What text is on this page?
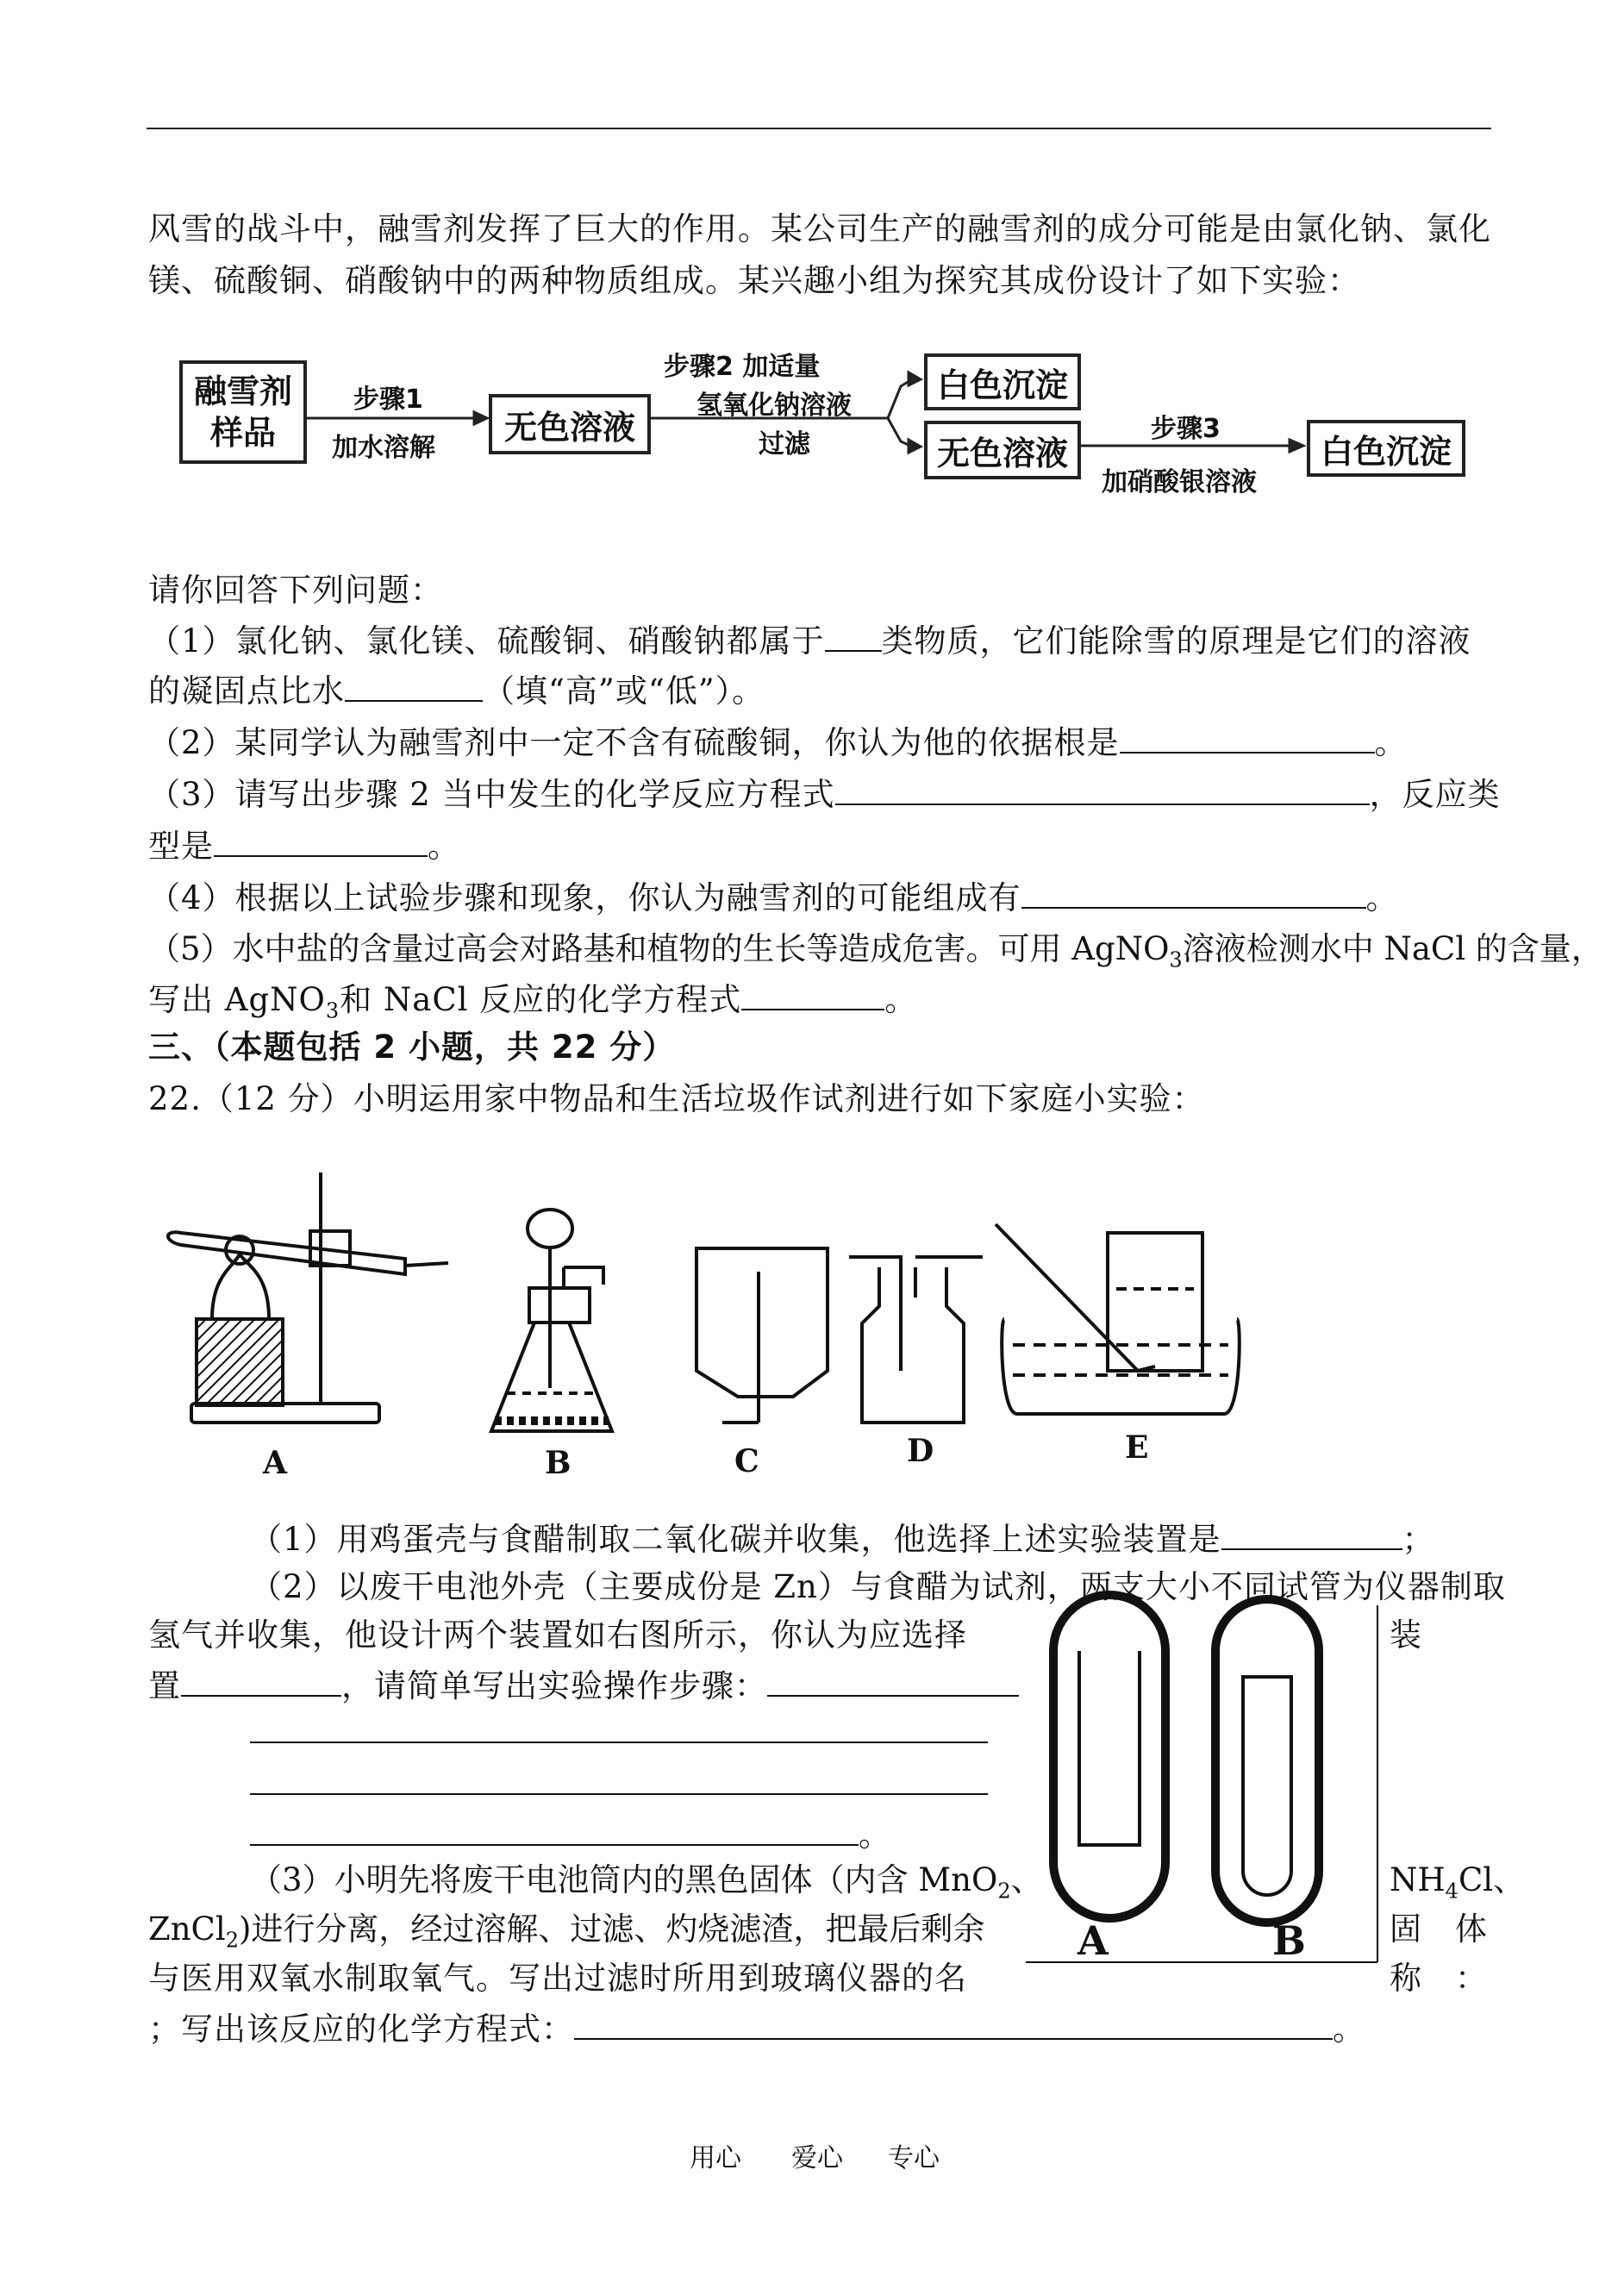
风雪的战斗中，融雪剂发挥了巨大的作用。某公司生产的融雪剂的成分可能是由氯化钠、氯化
镁、硫酸铜、硝酸钠中的两种物质组成。某兴趣小组为探究其成份设计了如下实验：
融雪剂
样品
步骤1
加水溶解
无色溶液
步骤2 加适量
氢氧化钠溶液
过滤
白色沉淀
无色溶液
步骤3
加硝酸银溶液
白色沉淀
请你回答下列问题：
（1）氯化钠、氯化镁、硫酸铜、硝酸钠都属于 类物质，它们能除雪的原理是它们的溶液
的凝固点比水	（填“高”或“低”）。
（2）某同学认为融雪剂中一定不含有硫酸铜，你认为他的依据根是	。
（3）请写出步骤 2 当中发生的化学反应方程式	，反应类
型是	。
（4）根据以上试验步骤和现象，你认为融雪剂的可能组成有	。
（5）水中盐的含量过高会对路基和植物的生长等造成危害。可用 AgNO$_3$溶液检测水中 NaCl 的含量，
写出 AgNO$_3$和 NaCl 反应的化学方程式	。
三、（本题包括 2 小题，共 22 分）
22.（12 分）小明运用家中物品和生活垃圾作试剂进行如下家庭小实验：
A	B	C	D	E
（1）用鸡蛋壳与食醋制取二氧化碳并收集，他选择上述实验装置是	；
（2）以废干电池外壳（主要成份是 Zn）与食醋为试剂，两支大小不同试管为仪器制取
氢气并收集，他设计两个装置如右图所示，你认为应选择	装
置	，请简单写出实验操作步骤：
。
A	B
（3）小明先将废干电池筒内的黑色固体（内含 MnO$_2$、	$NH_4Cl$、
ZnCl$_2$)进行分离，经过溶解、过滤、灼烧滤渣，把最后剩余	固　体
与医用双氧水制取氧气。写出过滤时所用到玻璃仪器的名	称　：
；写出该反应的化学方程式：	。
用心 爱心 专心
